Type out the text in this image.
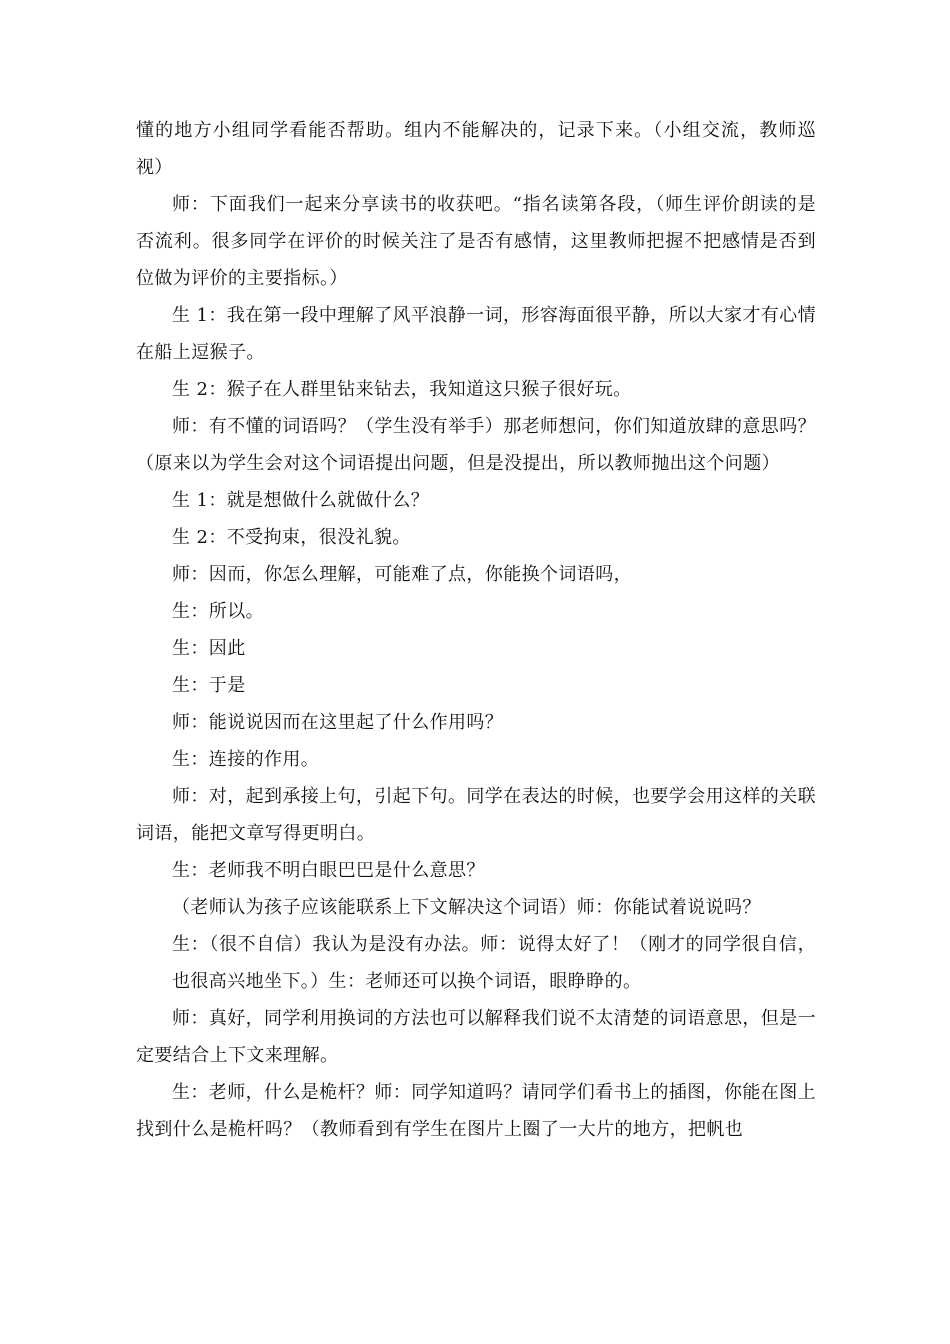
懂的地方小组同学看能否帮助。组内不能解决的，记录下来。（小组交流，教师巡视）

师：下面我们一起来分享读书的收获吧。“指名读第各段，（师生评价朗读的是否流利。很多同学在评价的时候关注了是否有感情，这里教师把握不把感情是否到位做为评价的主要指标。）

生 1：我在第一段中理解了风平浪静一词，形容海面很平静，所以大家才有心情在船上逗猴子。

生 2：猴子在人群里钻来钻去，我知道这只猴子很好玩。

师：有不懂的词语吗？（学生没有举手）那老师想问，你们知道放肆的意思吗？（原来以为学生会对这个词语提出问题，但是没提出，所以教师抛出这个问题）

生 1：就是想做什么就做什么？

生 2：不受拘束，很没礼貌。

师：因而，你怎么理解，可能难了点，你能换个词语吗，

生：所以。

生：因此

生：于是

师：能说说因而在这里起了什么作用吗？

生：连接的作用。

师：对，起到承接上句，引起下句。同学在表达的时候，也要学会用这样的关联词语，能把文章写得更明白。

生：老师我不明白眼巴巴是什么意思？

（老师认为孩子应该能联系上下文解决这个词语）师：你能试着说说吗？

生：（很不自信）我认为是没有办法。师：说得太好了！（刚才的同学很自信，也很高兴地坐下。）生：老师还可以换个词语，眼睁睁的。

师：真好，同学利用换词的方法也可以解释我们说不太清楚的词语意思，但是一定要结合上下文来理解。

生：老师，什么是桅杆？师：同学知道吗？请同学们看书上的插图，你能在图上找到什么是桅杆吗？（教师看到有学生在图片上圈了一大片的地方，把帆也
